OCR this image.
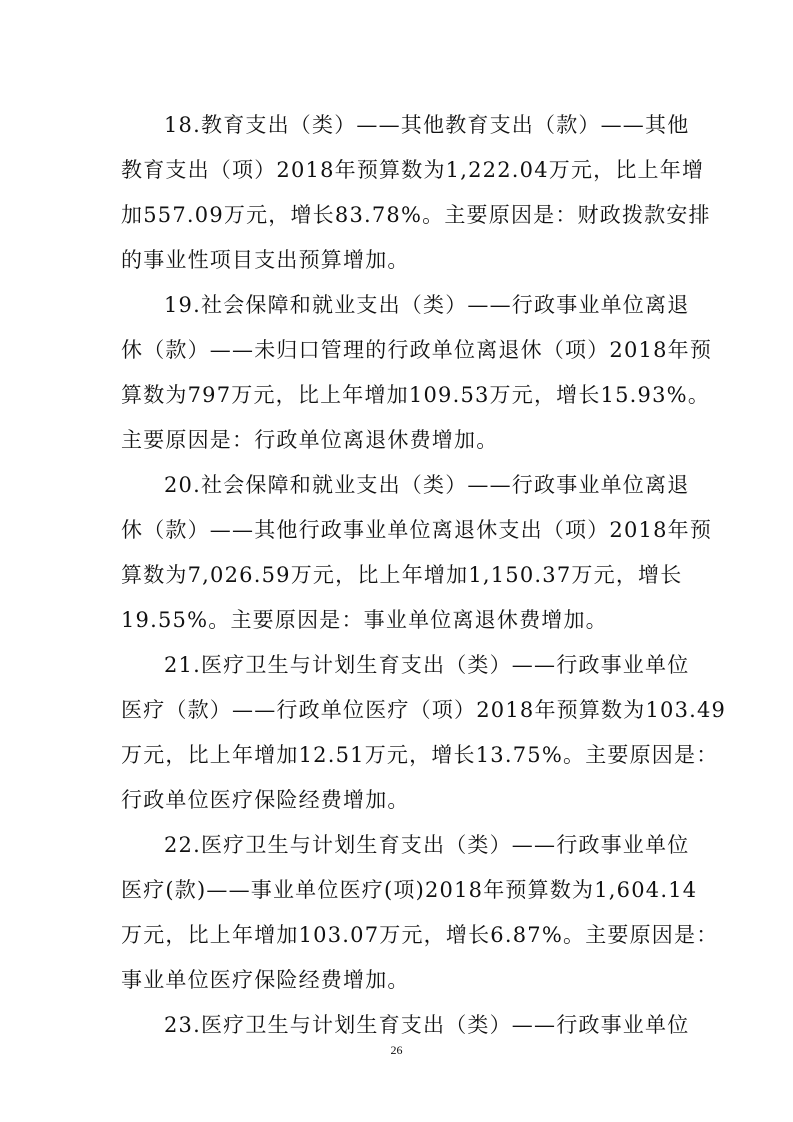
18.教育支出（类）——其他教育支出（款）——其他
教育支出（项）2018年预算数为1,222.04万元，比上年增
加557.09万元，增长83.78%。主要原因是：财政拨款安排
的事业性项目支出预算增加。
19.社会保障和就业支出（类）——行政事业单位离退
休（款）——未归口管理的行政单位离退休（项）2018年预
算数为797万元，比上年增加109.53万元，增长15.93%。
主要原因是：行政单位离退休费增加。
20.社会保障和就业支出（类）——行政事业单位离退
休（款）——其他行政事业单位离退休支出（项）2018年预
算数为7,026.59万元，比上年增加1,150.37万元，增长
19.55%。主要原因是：事业单位离退休费增加。
21.医疗卫生与计划生育支出（类）——行政事业单位
医疗（款）——行政单位医疗（项）2018年预算数为103.49
万元，比上年增加12.51万元，增长13.75%。主要原因是：
行政单位医疗保险经费增加。
22.医疗卫生与计划生育支出（类）——行政事业单位
医疗(款)——事业单位医疗(项)2018年预算数为1,604.14
万元，比上年增加103.07万元，增长6.87%。主要原因是：
事业单位医疗保险经费增加。
23.医疗卫生与计划生育支出（类）——行政事业单位
26
